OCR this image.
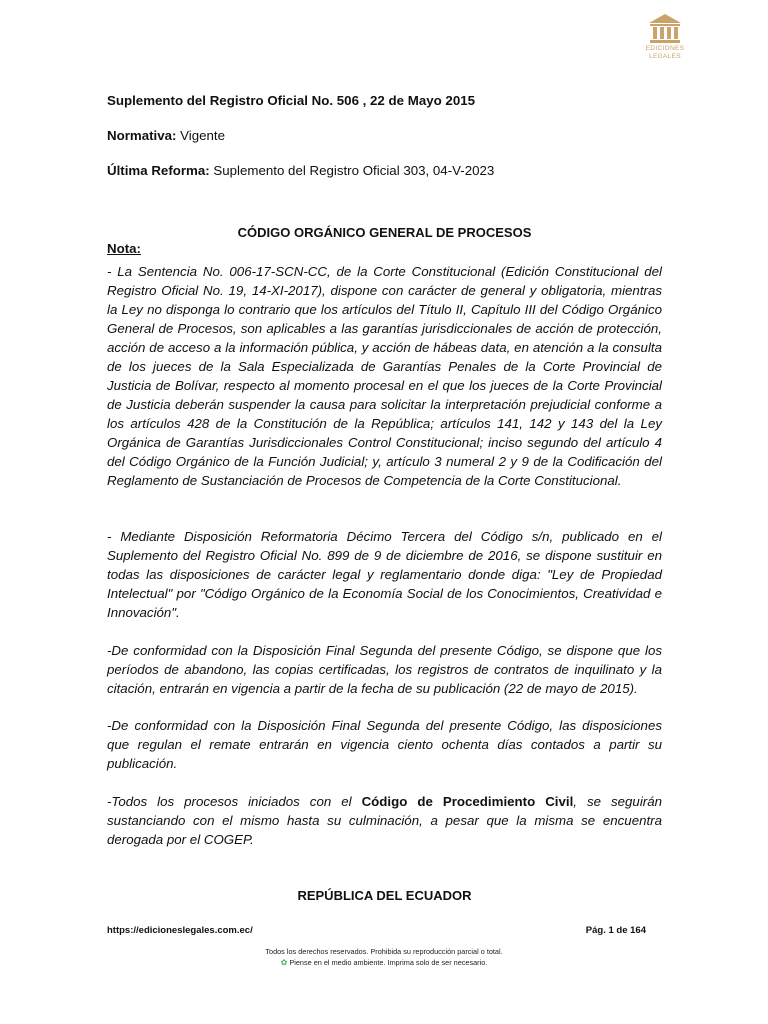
EDICIONES
LEGALES
Suplemento del Registro Oficial No. 506 , 22 de Mayo 2015
Normativa: Vigente
Última Reforma: Suplemento del Registro Oficial 303, 04-V-2023
CÓDIGO ORGÁNICO GENERAL DE PROCESOS
Nota:

- La Sentencia No. 006-17-SCN-CC, de la Corte Constitucional (Edición Constitucional del Registro Oficial No. 19, 14-XI-2017), dispone con carácter de general y obligatoria, mientras la Ley no disponga lo contrario que los artículos del Título II, Capítulo III del Código Orgánico General de Procesos, son aplicables a las garantías jurisdiccionales de acción de protección, acción de acceso a la información pública, y acción de hábeas data, en atención a la consulta de los jueces de la Sala Especializada de Garantías Penales de la Corte Provincial de Justicia de Bolívar, respecto al momento procesal en el que los jueces de la Corte Provincial de Justicia deberán suspender la causa para solicitar la interpretación prejudicial conforme a los artículos 428 de la Constitución de la República; artículos 141, 142 y 143 del la Ley Orgánica de Garantías Jurisdiccionales Control Constitucional; inciso segundo del artículo 4 del Código Orgánico de la Función Judicial; y, artículo 3 numeral 2 y 9 de la Codificación del Reglamento de Sustanciación de Procesos de Competencia de la Corte Constitucional.

- Mediante Disposición Reformatoria Décimo Tercera del Código s/n, publicado en el Suplemento del Registro Oficial No. 899 de 9 de diciembre de 2016, se dispone sustituir en todas las disposiciones de carácter legal y reglamentario donde diga: "Ley de Propiedad Intelectual" por "Código Orgánico de la Economía Social de los Conocimientos, Creatividad e Innovación".

-De conformidad con la Disposición Final Segunda del presente Código, se dispone que los períodos de abandono, las copias certificadas, los registros de contratos de inquilinato y la citación, entrarán en vigencia a partir de la fecha de su publicación (22 de mayo de 2015).

-De conformidad con la Disposición Final Segunda del presente Código, las disposiciones que regulan el remate entrarán en vigencia ciento ochenta días contados a partir su publicación.

-Todos los procesos iniciados con el Código de Procedimiento Civil, se seguirán sustanciando con el mismo hasta su culminación, a pesar que la misma se encuentra derogada por el COGEP.

REPÚBLICA DEL ECUADOR
https://edicioneslegales.com.ec/	Pág. 1 de 164
Todos los derechos reservados. Prohibida su reproducción parcial o total.
✿ Piense en el medio ambiente. Imprima solo de ser necesario.
